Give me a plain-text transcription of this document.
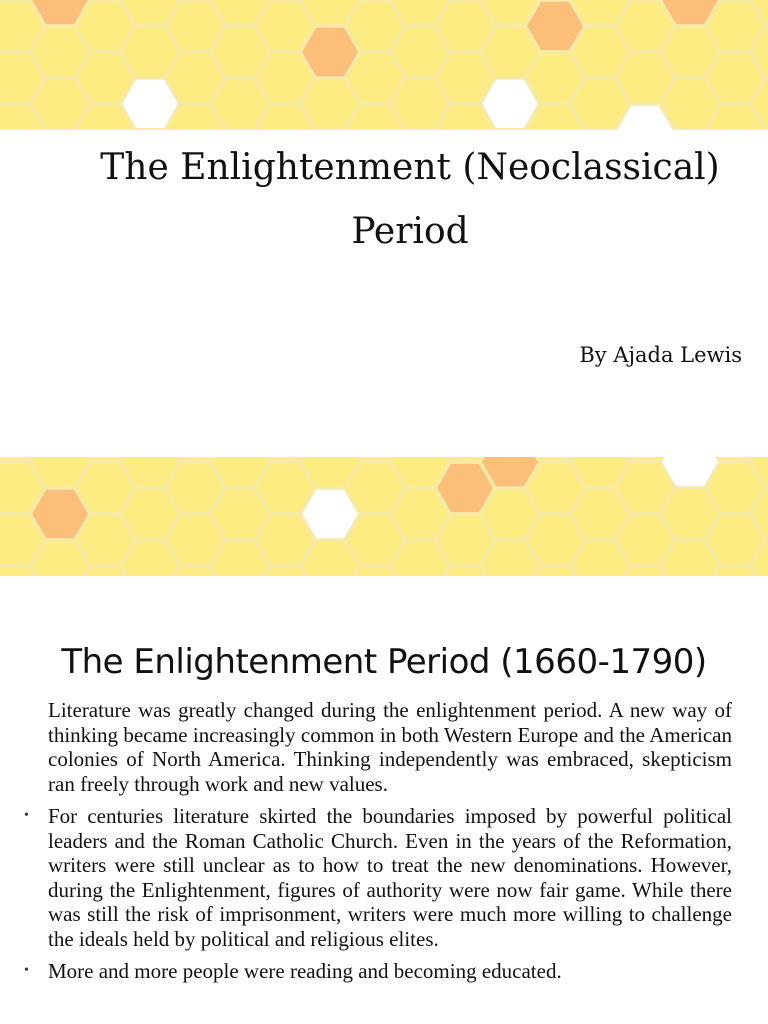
The Enlightenment (Neoclassical)
Period

By Ajada Lewis

The Enlightenment Period (1660-1790)
Literature was greatly changed during the enlightenment period. A new way of thinking became increasingly common in both Western Europe and the American colonies of North America. Thinking independently was embraced, skepticism ran freely through work and new values.
• For centuries literature skirted the boundaries imposed by powerful political leaders and the Roman Catholic Church. Even in the years of the Reformation, writers were still unclear as to how to treat the new denominations. However, during the Enlightenment, figures of authority were now fair game. While there was still the risk of imprisonment, writers were much more willing to challenge the ideals held by political and religious elites.
• More and more people were reading and becoming educated.
